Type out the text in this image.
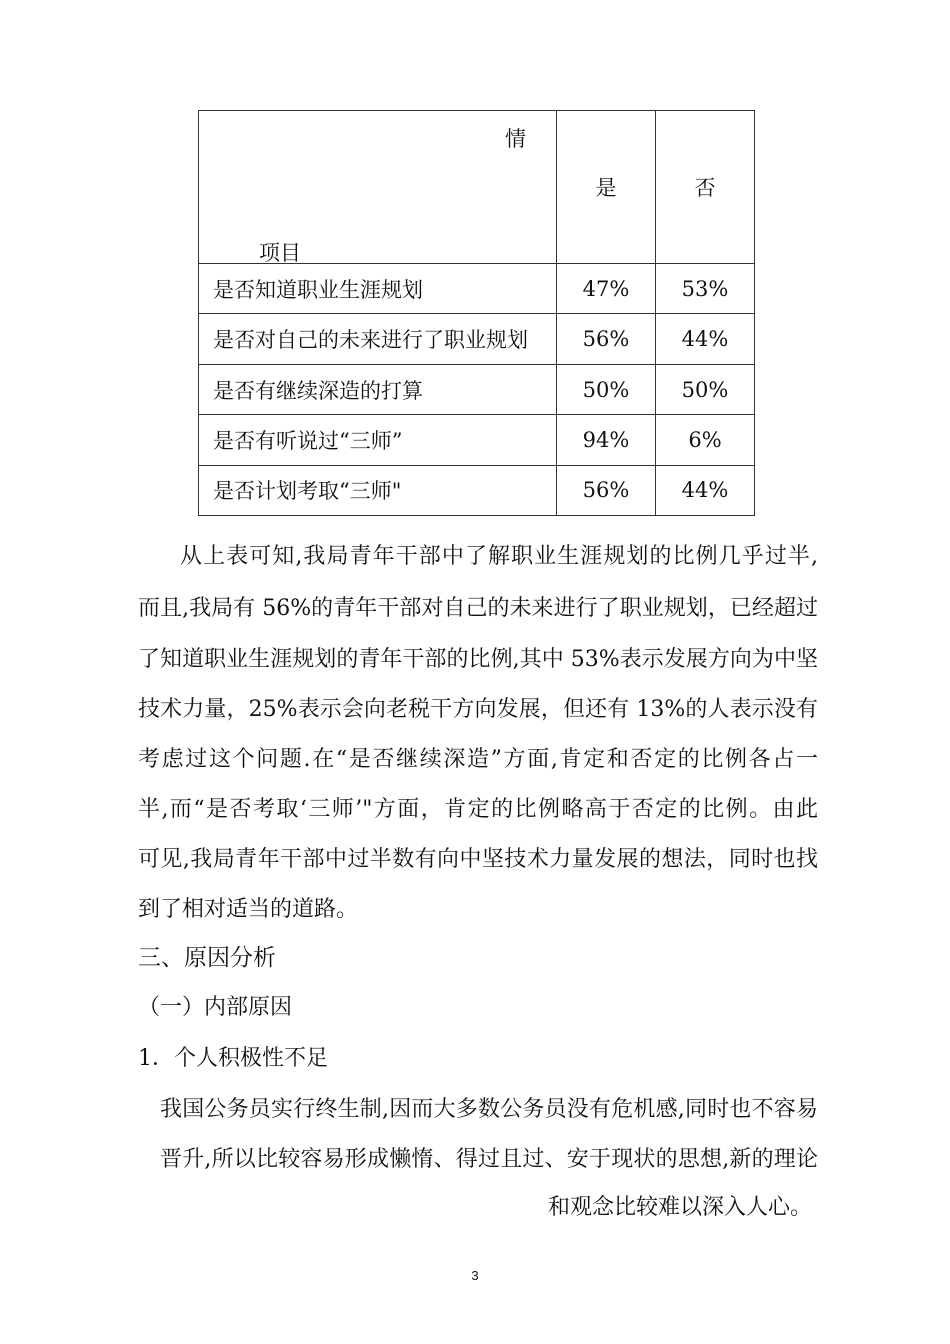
情
项目	是	否
是否知道职业生涯规划	47%	53%
是否对自己的未来进行了职业规划	56%	44%
是否有继续深造的打算	50%	50%
是否有听说过“三师”	94%	6%
是否计划考取“三师"	56%	44%
从上表可知,我局青年干部中了解职业生涯规划的比例几乎过半,
而且,我局有 56%的青年干部对自己的未来进行了职业规划，已经超过
了知道职业生涯规划的青年干部的比例,其中 53%表示发展方向为中坚
技术力量，25%表示会向老税干方向发展，但还有 13%的人表示没有
考虑过这个问题.在“是否继续深造”方面,肯定和否定的比例各占一
半,而“是否考取‘三师’"方面，肯定的比例略高于否定的比例。由此
可见,我局青年干部中过半数有向中坚技术力量发展的想法，同时也找
到了相对适当的道路。
三、原因分析
（一）内部原因
1．个人积极性不足
我国公务员实行终生制,因而大多数公务员没有危机感,同时也不容易
晋升,所以比较容易形成懒惰、得过且过、安于现状的思想,新的理论
和观念比较难以深入人心。
3
